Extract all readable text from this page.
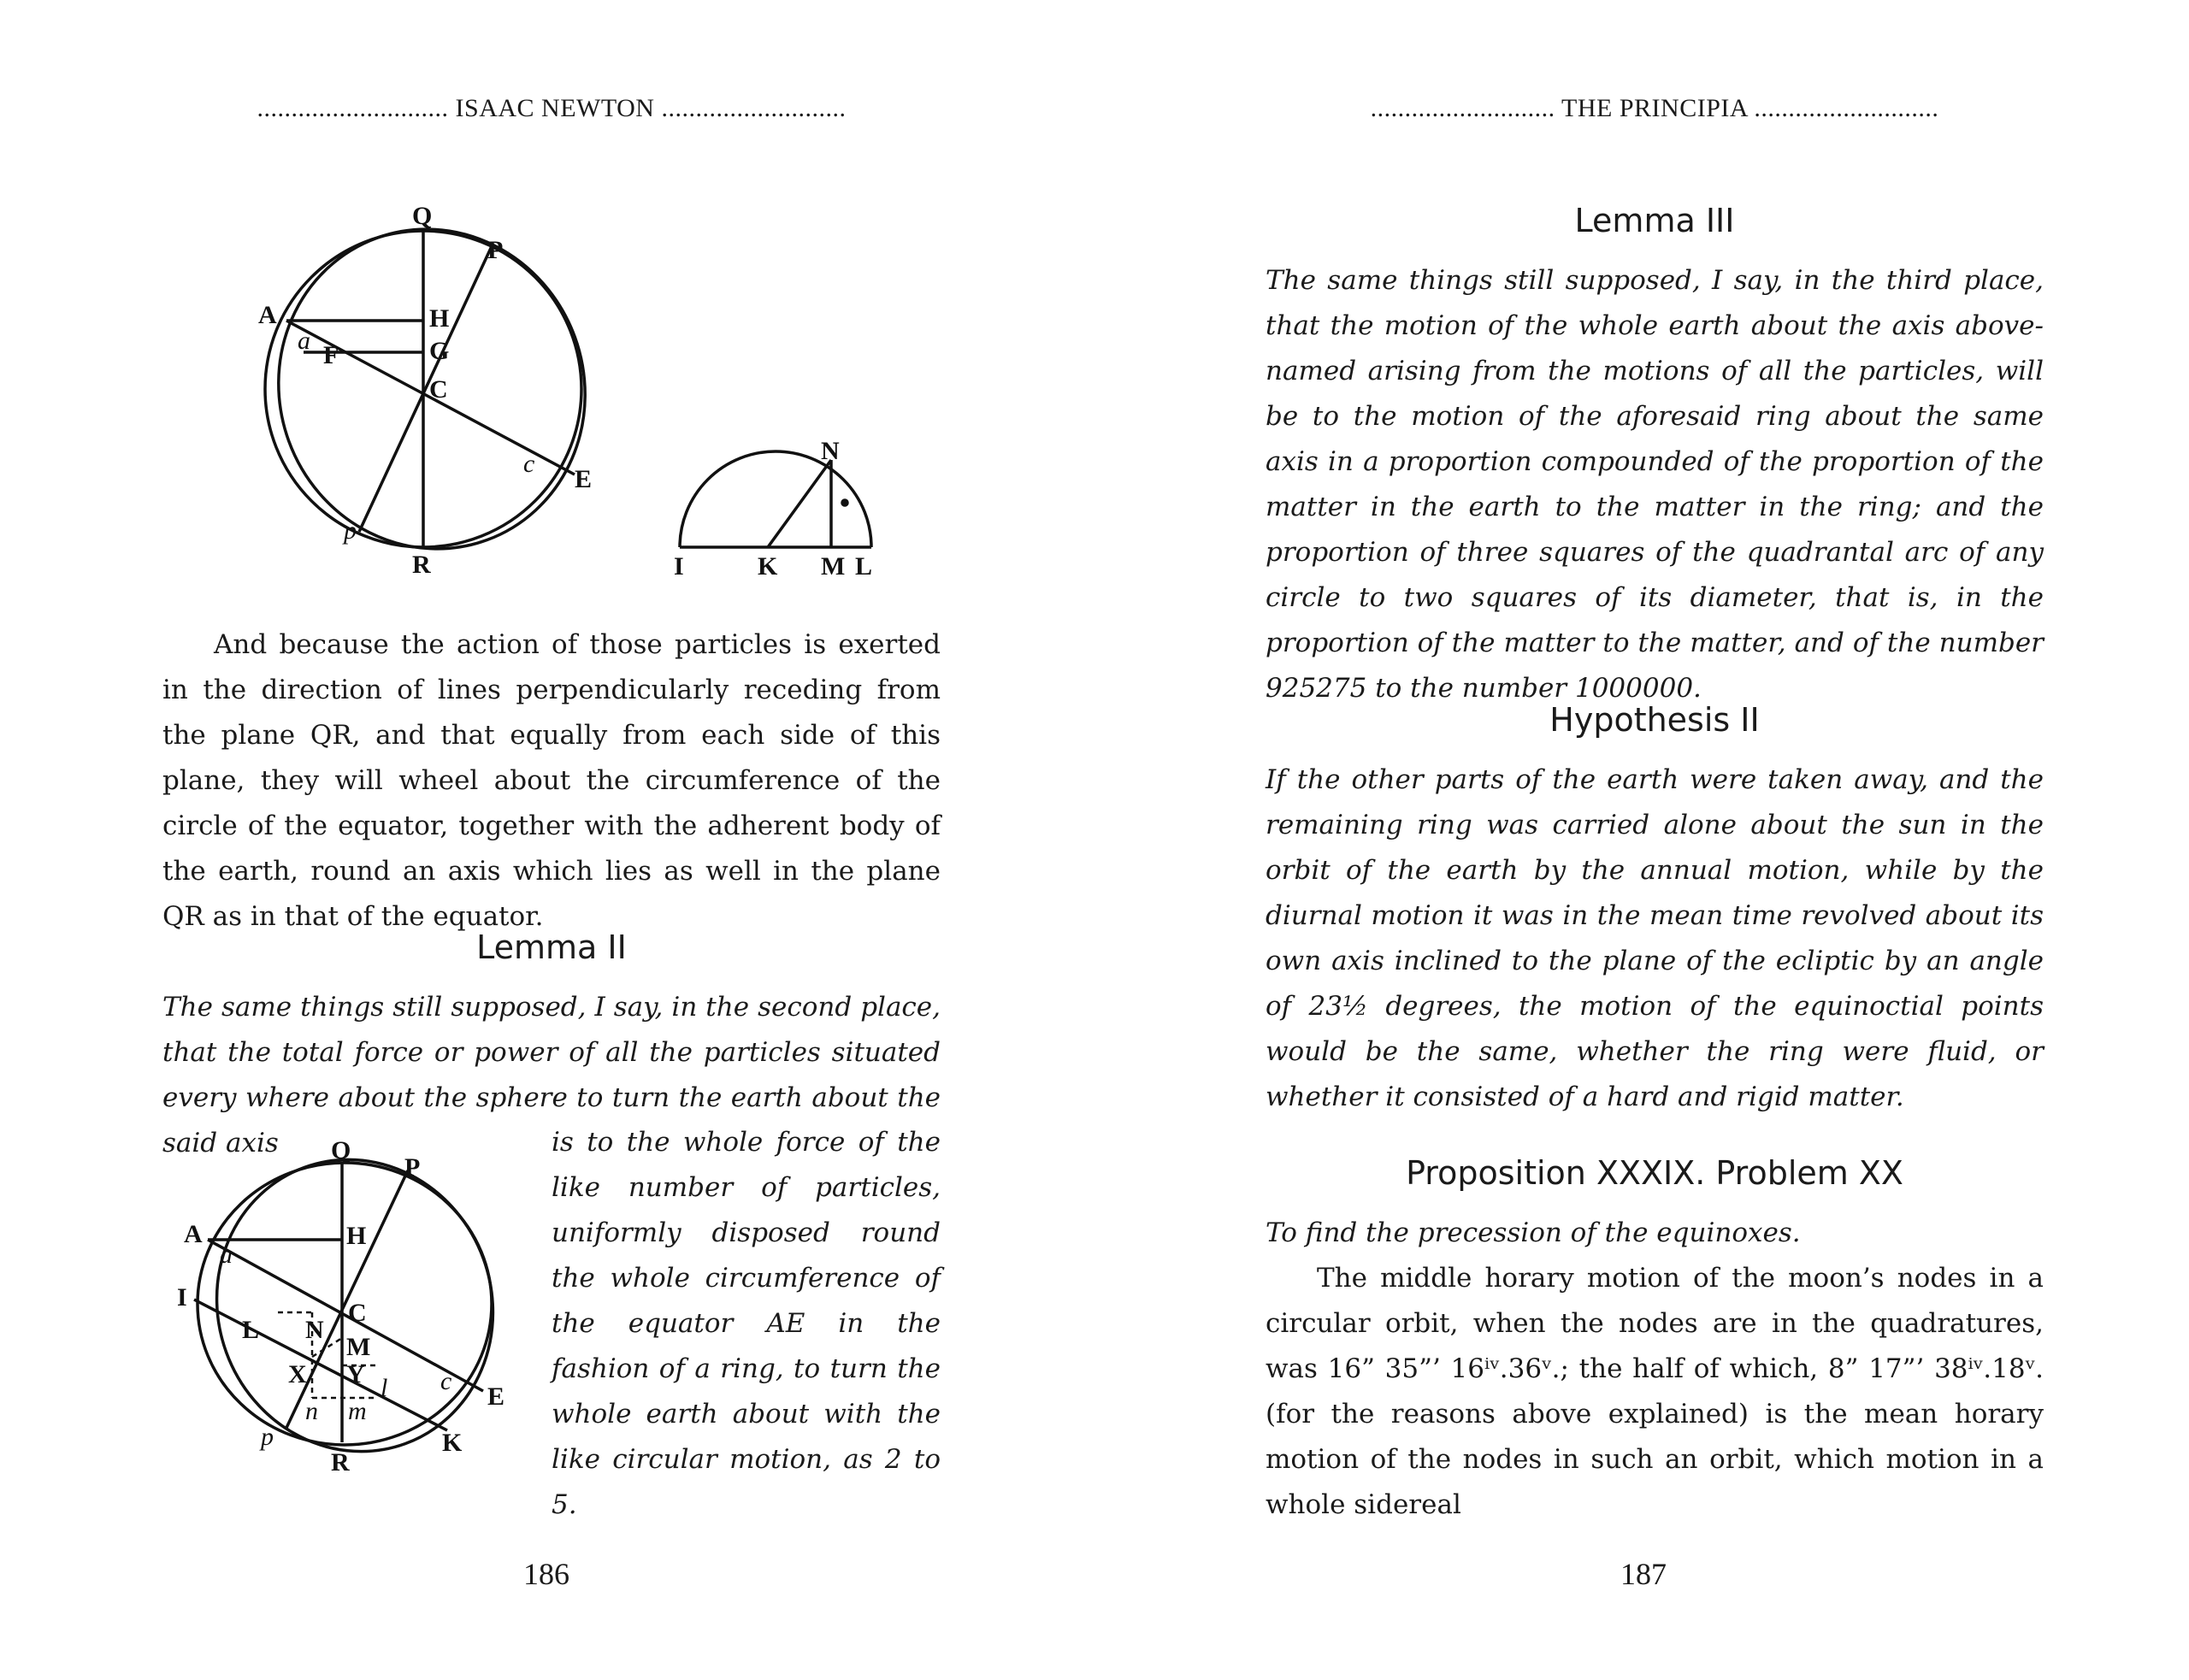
............................ ISAAC NEWTON ...........................
Q
P
A
a
F
H
G
C
c
E
p
R
N
I	K M L

And because the action of those particles is exerted in the direction of lines perpendicularly receding from the plane QR, and that equally from each side of this plane, they will wheel about the circumference of the circle of the equator, together with the adherent body of the earth, round an axis which lies as well in the plane QR as in that of the equator.

Lemma II

The same things still supposed, I say, in the second place, that the total force or power of all the particles situated every where about the sphere to turn the earth about the said axis	Q
P
A
a
H
I
C
L N
M
X Y l c
E
n m
p	K
R

is to the whole force of the like number of particles, uniformly disposed round the whole circumference of the equator AE in the fashion of a ring, to turn the whole earth about with the like circular motion, as 2 to 5.

186
........................... THE PRINCIPIA ...........................
Lemma III

The same things still supposed, I say, in the third place, that the motion of the whole earth about the axis above-named arising from the motions of all the particles, will be to the motion of the aforesaid ring about the same axis in a proportion compounded of the proportion of the matter in the earth to the matter in the ring; and the proportion of three squares of the quadrantal arc of any circle to two squares of its diameter, that is, in the proportion of the matter to the matter, and of the number 925275 to the number 1000000.

Hypothesis II

If the other parts of the earth were taken away, and the remaining ring was carried alone about the sun in the orbit of the earth by the annual motion, while by the diurnal motion it was in the mean time revolved about its own axis inclined to the plane of the ecliptic by an angle of 23½ degrees, the motion of the equinoctial points would be the same, whether the ring were fluid, or whether it consisted of a hard and rigid matter.

Proposition XXXIX. Problem XX

To find the precession of the equinoxes.

The middle horary motion of the moon’s nodes in a circular orbit, when the nodes are in the quadratures, was 16” 35”’ 16ⁱᵛ.36ᵛ.; the half of which, 8” 17”’ 38ⁱᵛ.18ᵛ. (for the reasons above explained) is the mean horary motion of the nodes in such an orbit, which motion in a whole sidereal

187
